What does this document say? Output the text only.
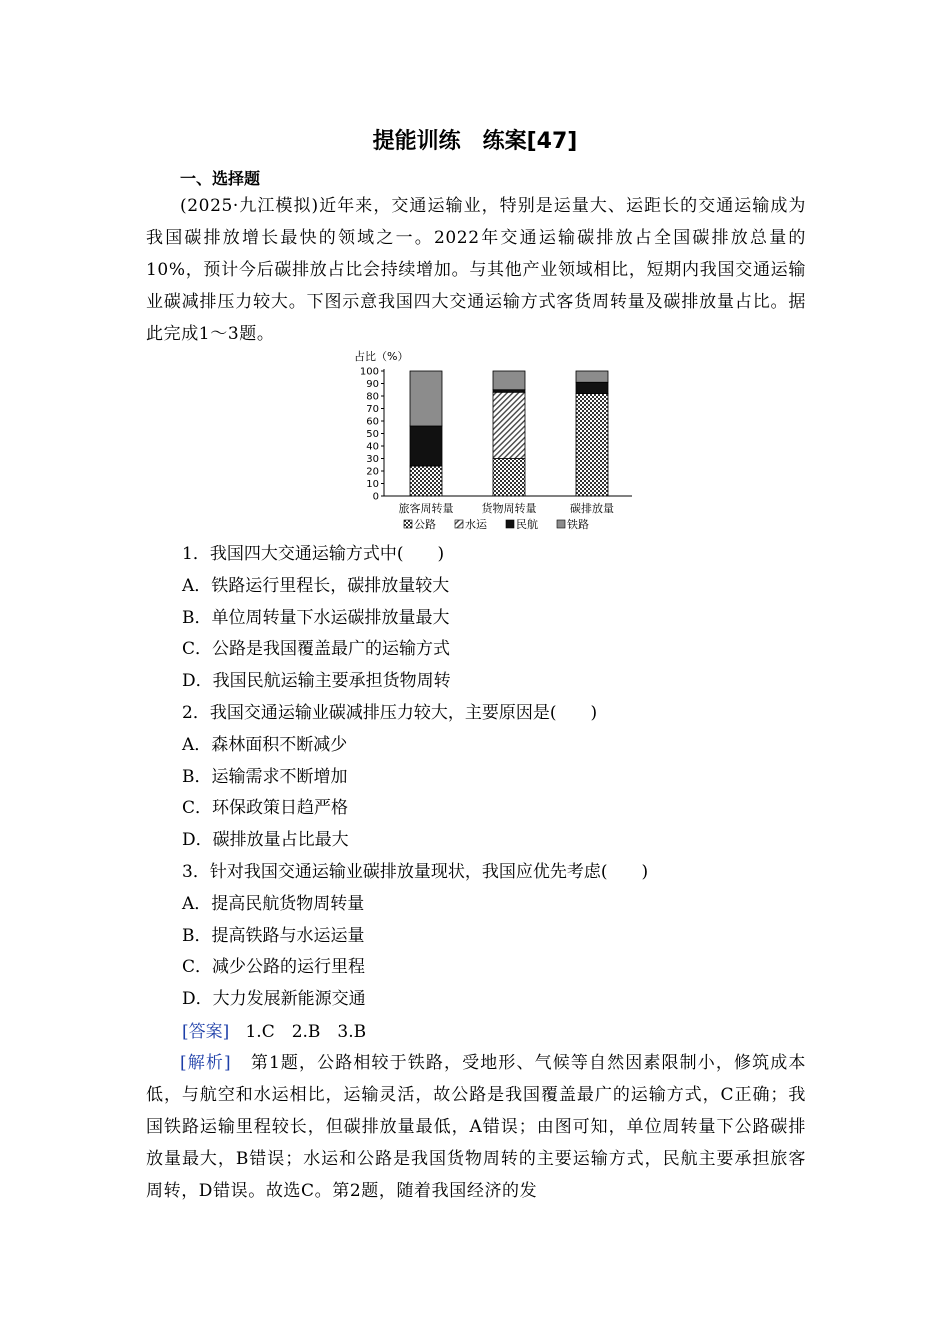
提能训练　练案[47]
一、选择题
(2025·九江模拟)近年来，交通运输业，特别是运量大、运距长的交通运输成为我国碳排放增长最快的领域之一。2022年交通运输碳排放占全国碳排放总量的10%，预计今后碳排放占比会持续增加。与其他产业领域相比，短期内我国交通运输业碳减排压力较大。下图示意我国四大交通运输方式客货周转量及碳排放量占比。据此完成1～3题。
占比（%）
0
10
20
30
40
50
60
70
80
90
100
旅客周转量	货物周转量	碳排放量
公路	水运	民航	铁路
1．我国四大交通运输方式中(　　)
A．铁路运行里程长，碳排放量较大
B．单位周转量下水运碳排放量最大
C．公路是我国覆盖最广的运输方式
D．我国民航运输主要承担货物周转
2．我国交通运输业碳减排压力较大，主要原因是(　　)
A．森林面积不断减少
B．运输需求不断增加
C．环保政策日趋严格
D．碳排放量占比最大
3．针对我国交通运输业碳排放量现状，我国应优先考虑(　　)
A．提高民航货物周转量
B．提高铁路与水运运量
C．减少公路的运行里程
D．大力发展新能源交通
[答案] 1.C　2.B　3.B
[解析] 第1题，公路相较于铁路，受地形、气候等自然因素限制小，修筑成本低，与航空和水运相比，运输灵活，故公路是我国覆盖最广的运输方式，C正确；我国铁路运输里程较长，但碳排放量最低，A错误；由图可知，单位周转量下公路碳排放量最大，B错误；水运和公路是我国货物周转的主要运输方式，民航主要承担旅客周转，D错误。故选C。第2题，随着我国经济的发
